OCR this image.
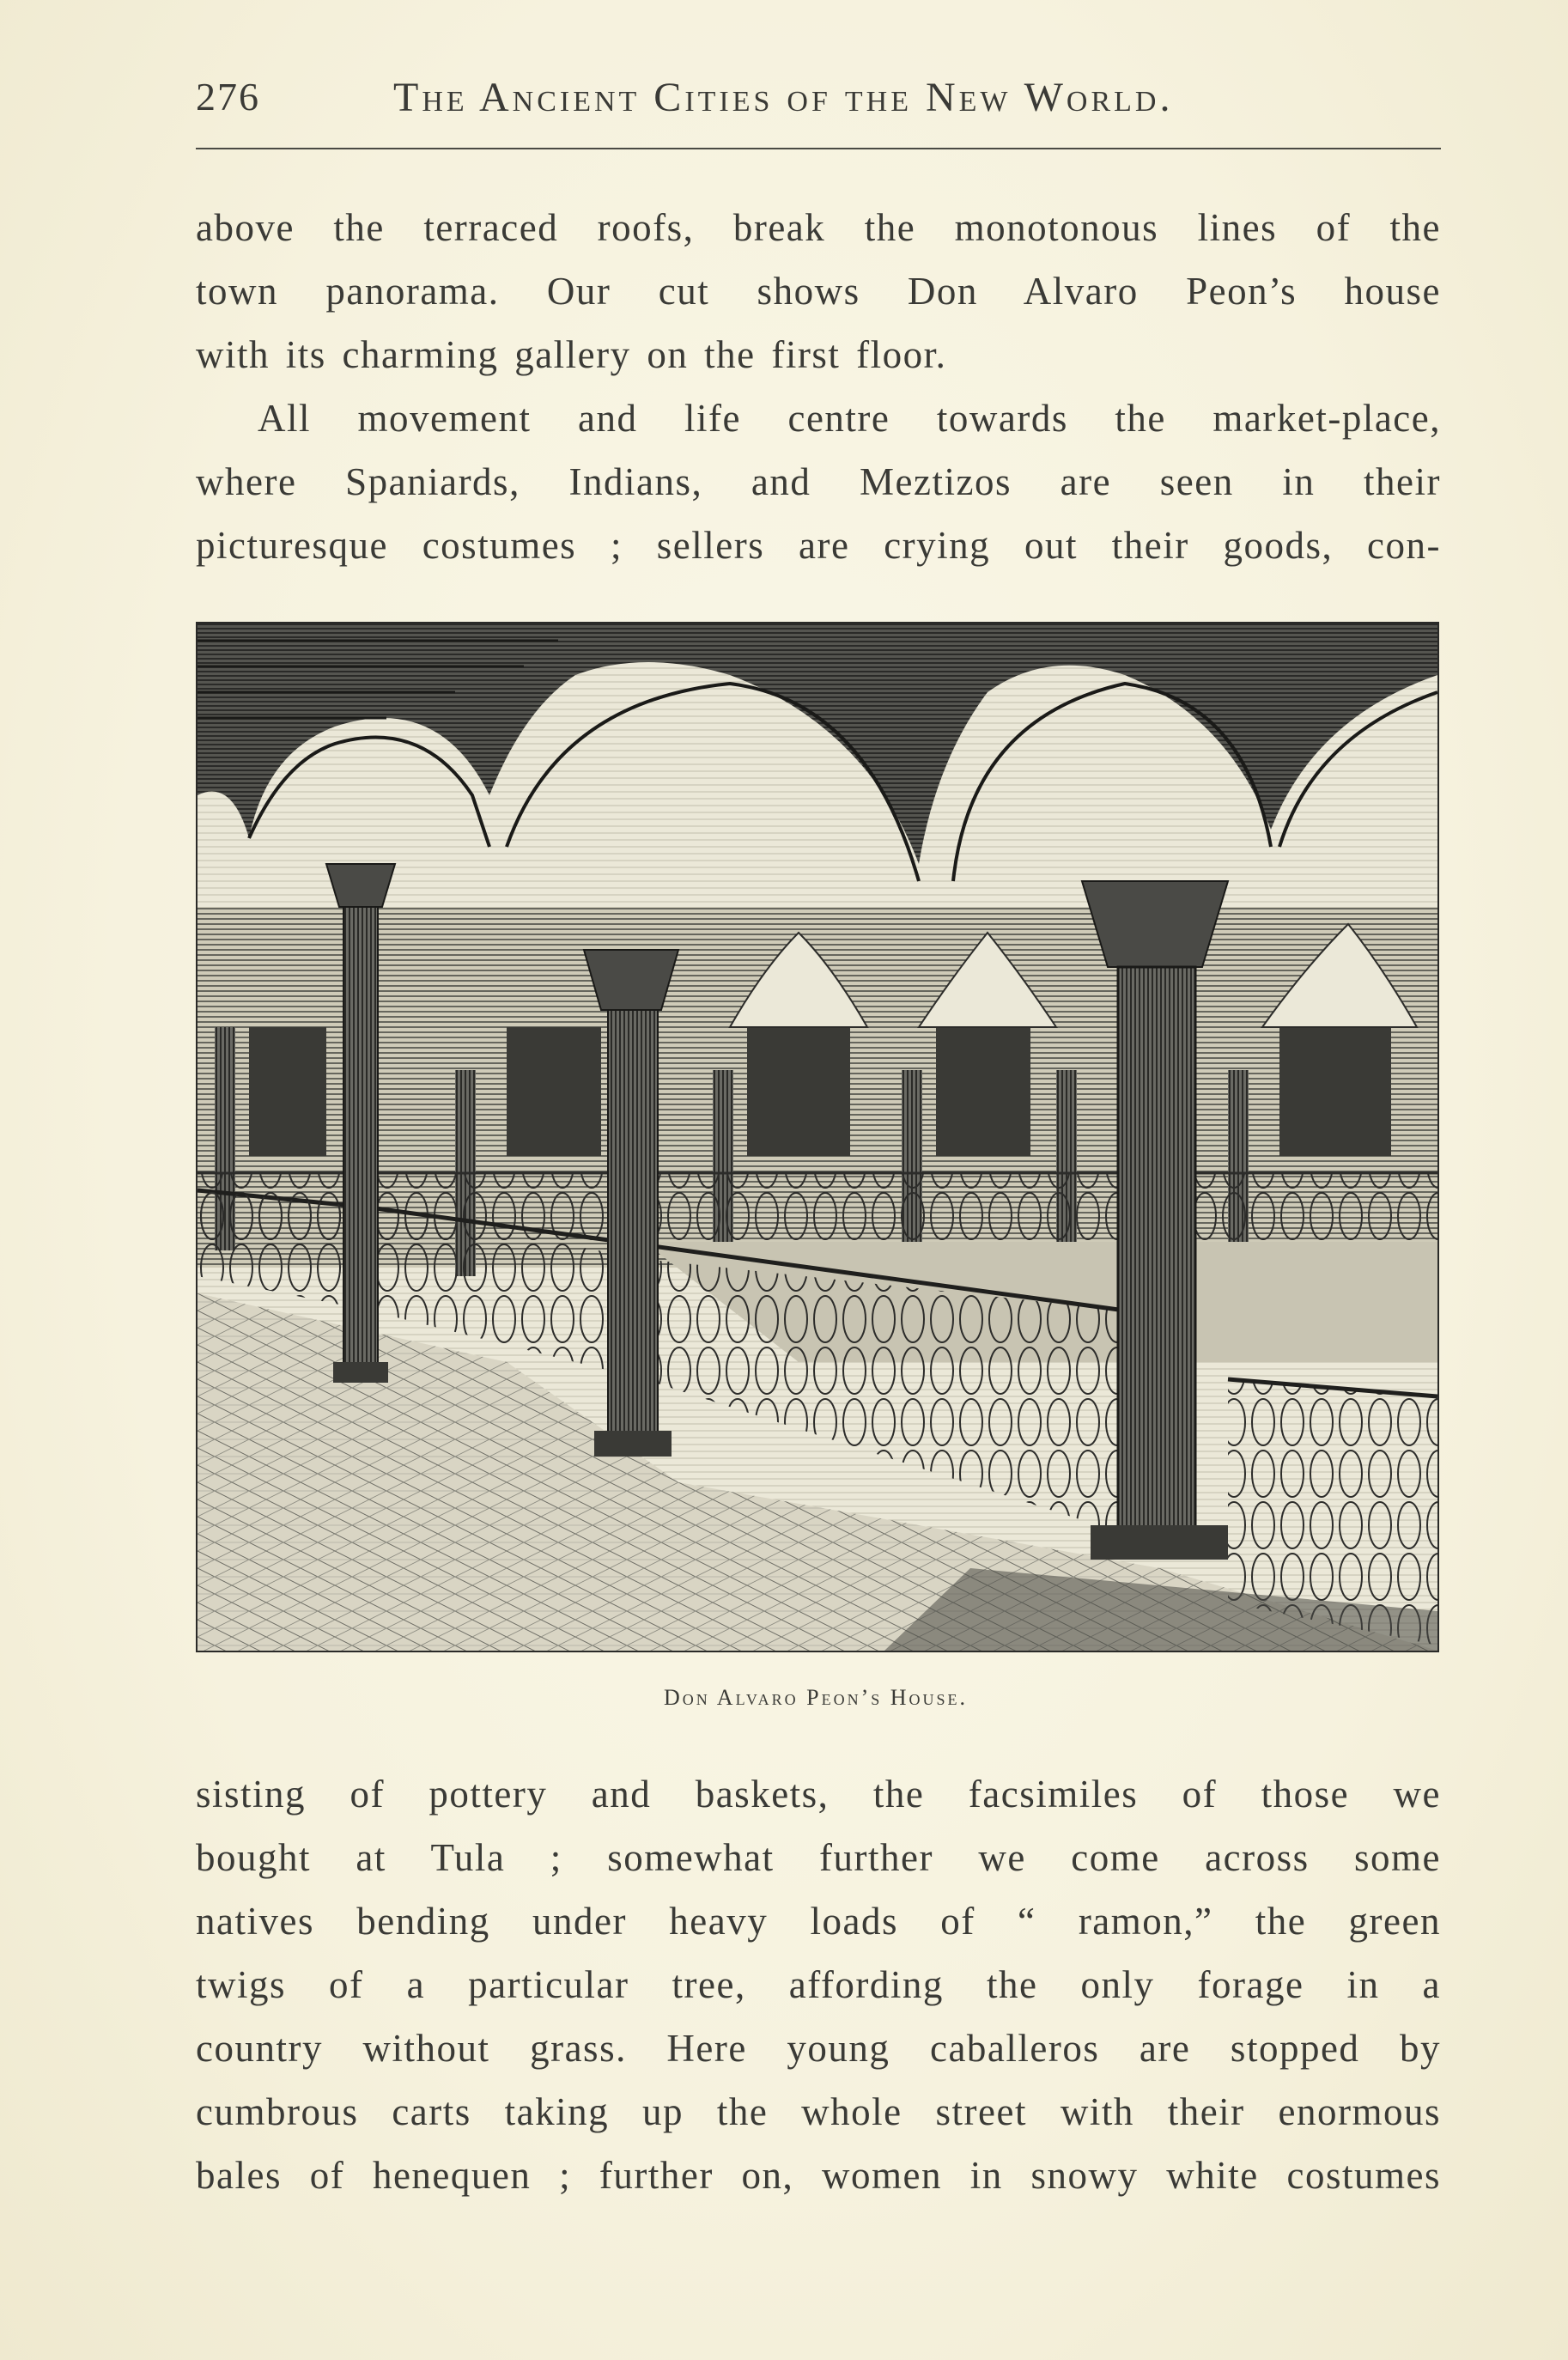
276	The Ancient Cities of the New World.
above the terraced roofs, break the monotonous lines of the
town panorama. Our cut shows Don Alvaro Peon’s house
with its charming gallery on the first floor.
All movement and life centre towards the market-place,
where Spaniards, Indians, and Meztizos are seen in their
picturesque costumes ; sellers are crying out their goods, con-
Don Alvaro Peon’s House.
sisting of pottery and baskets, the facsimiles of those we
bought at Tula ; somewhat further we come across some
natives bending under heavy loads of “ ramon,” the green
twigs of a particular tree, affording the only forage in a
country without grass. Here young caballeros are stopped by
cumbrous carts taking up the whole street with their enormous
bales of henequen ; further on, women in snowy white costumes
